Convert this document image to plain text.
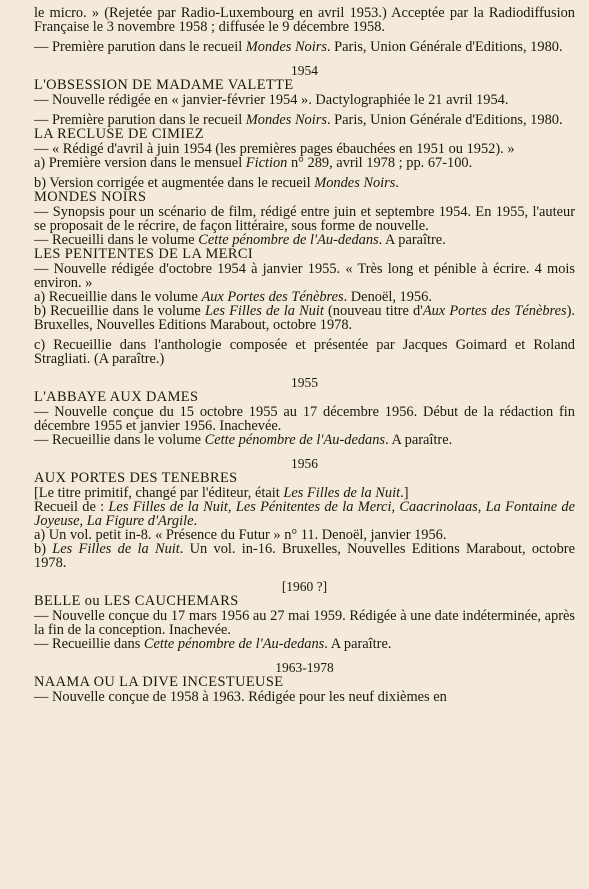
le micro. » (Rejetée par Radio-Luxembourg en avril 1953.) Acceptée par la Radiodiffusion Française le 3 novembre 1958 ; diffusée le 9 décembre 1958.

— Première parution dans le recueil Mondes Noirs. Paris, Union Générale d'Editions, 1980.

1954
L'OBSESSION DE MADAME VALETTE

— Nouvelle rédigée en « janvier-février 1954 ». Dactylographiée le 21 avril 1954.

— Première parution dans le recueil Mondes Noirs. Paris, Union Générale d'Editions, 1980.

LA RECLUSE DE CIMIEZ

— « Rédigé d'avril à juin 1954 (les premières pages ébauchées en 1951 ou 1952). »

a) Première version dans le mensuel Fiction n° 289, avril 1978 ; pp. 67-100.

b) Version corrigée et augmentée dans le recueil Mondes Noirs.

MONDES NOIRS

— Synopsis pour un scénario de film, rédigé entre juin et septembre 1954. En 1955, l'auteur se proposait de le récrire, de façon littéraire, sous forme de nouvelle.

— Recueilli dans le volume Cette pénombre de l'Au-dedans. A paraître.

LES PENITENTES DE LA MERCI

— Nouvelle rédigée d'octobre 1954 à janvier 1955. « Très long et pénible à écrire. 4 mois environ. »

a) Recueillie dans le volume Aux Portes des Ténèbres. Denoël, 1956.

b) Recueillie dans le volume Les Filles de la Nuit (nouveau titre d'Aux Portes des Ténèbres). Bruxelles, Nouvelles Editions Marabout, octobre 1978.

c) Recueillie dans l'anthologie composée et présentée par Jacques Goimard et Roland Stragliati. (A paraître.)

1955
L'ABBAYE AUX DAMES

— Nouvelle conçue du 15 octobre 1955 au 17 décembre 1956. Début de la rédaction fin décembre 1955 et janvier 1956. Inachevée.

— Recueillie dans le volume Cette pénombre de l'Au-dedans. A paraître.

1956
AUX PORTES DES TENEBRES

[Le titre primitif, changé par l'éditeur, était Les Filles de la Nuit.]

Recueil de : Les Filles de la Nuit, Les Pénitentes de la Merci, Caacrinolaas, La Fontaine de Joyeuse, La Figure d'Argile.

a) Un vol. petit in-8. « Présence du Futur » n° 11. Denoël, janvier 1956.

b) Les Filles de la Nuit. Un vol. in-16. Bruxelles, Nouvelles Editions Marabout, octobre 1978.

[1960 ?]
BELLE ou LES CAUCHEMARS

— Nouvelle conçue du 17 mars 1956 au 27 mai 1959. Rédigée à une date indéterminée, après la fin de la conception. Inachevée.

— Recueillie dans Cette pénombre de l'Au-dedans. A paraître.

1963-1978
NAAMA OU LA DIVE INCESTUEUSE

— Nouvelle conçue de 1958 à 1963. Rédigée pour les neuf dixièmes en
